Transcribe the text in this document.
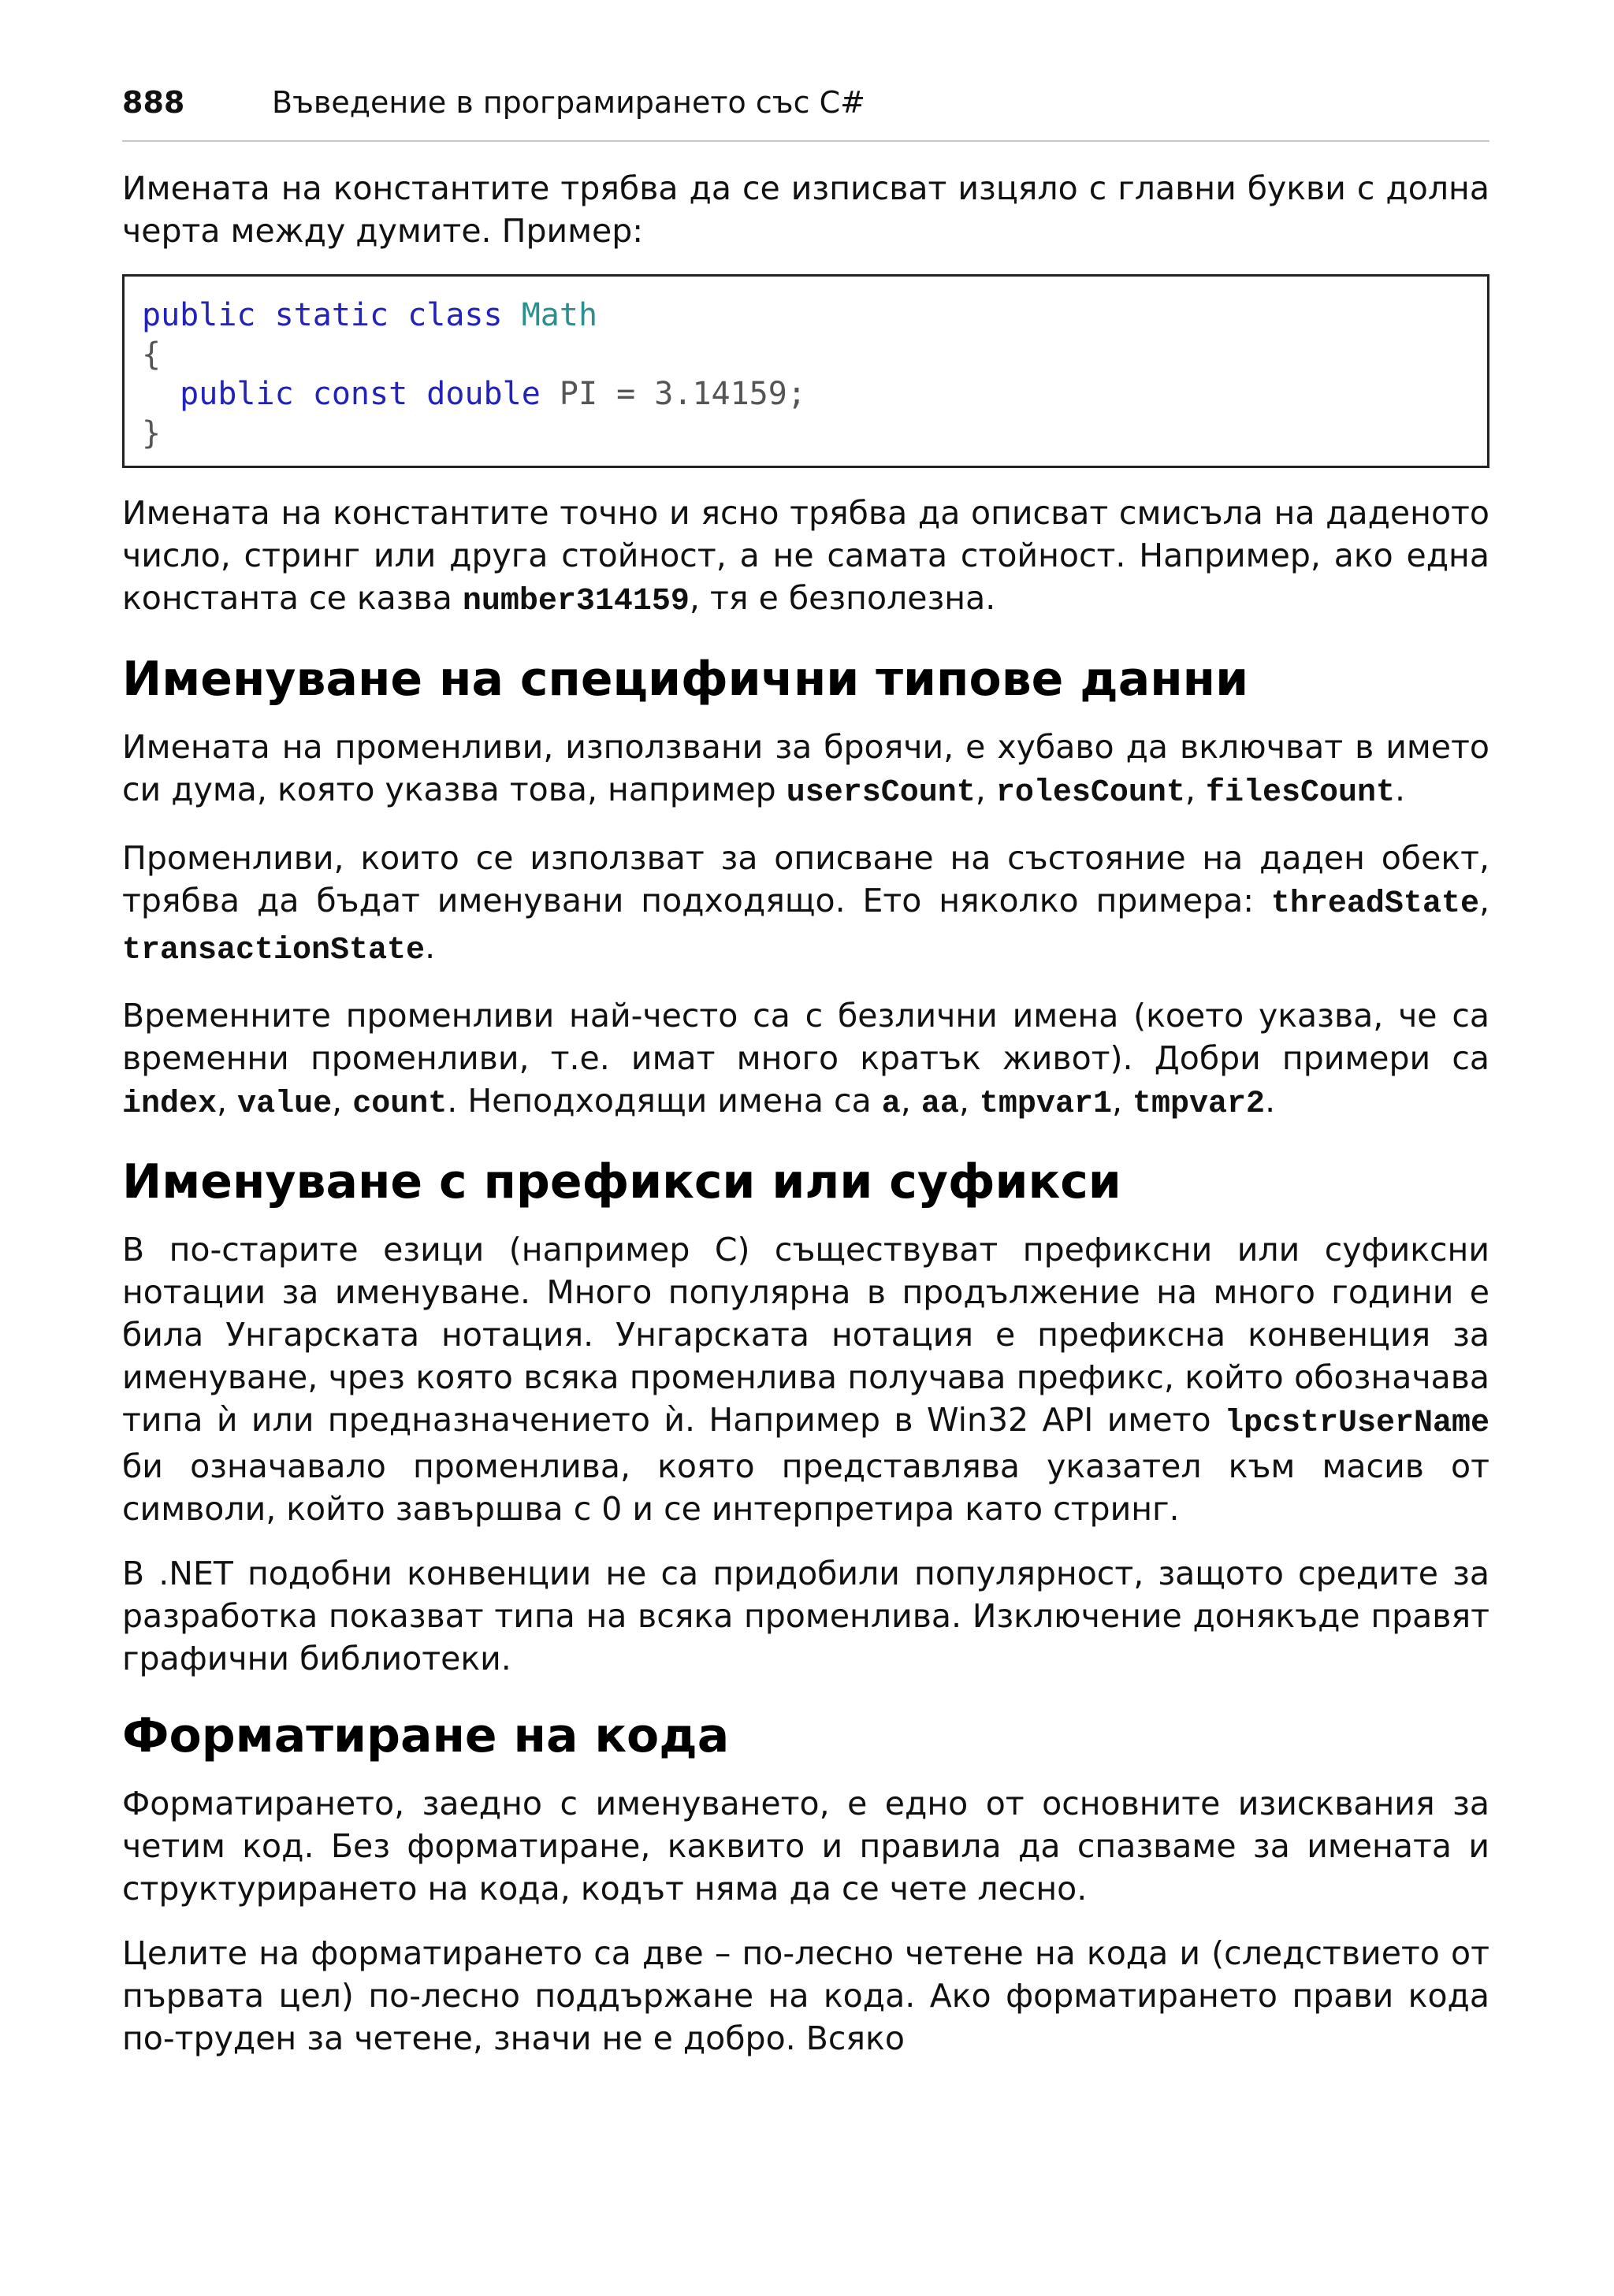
888	Въведение в програмирането със C#

Имената на константите трябва да се изписват изцяло с главни букви с долна черта между думите. Пример:

public static class Math
{
public const double PI = 3.14159;
}

Имената на константите точно и ясно трябва да описват смисъла на даденото число, стринг или друга стойност, а не самата стойност. Например, ако една константа се казва number314159, тя е безполезна.

Именуване на специфични типове данни

Имената на променливи, използвани за броячи, е хубаво да включват в името си дума, която указва това, например usersCount, rolesCount, filesCount.

Променливи, които се използват за описване на състояние на даден обект, трябва да бъдат именувани подходящо. Ето няколко примера: threadState, transactionState.

Временните променливи най-често са с безлични имена (което указва, че са временни променливи, т.е. имат много кратък живот). Добри примери са index, value, count. Неподходящи имена са a, aa, tmpvar1, tmpvar2.

Именуване с префикси или суфикси

В по-старите езици (например C) съществуват префиксни или суфиксни нотации за именуване. Много популярна в продължение на много години е била Унгарската нотация. Унгарската нотация е префиксна конвенция за именуване, чрез която всяка променлива получава префикс, който обозначава типа ѝ или предназначението ѝ. Например в Win32 API името lpcstrUserName би означавало променлива, която представлява указател към масив от символи, който завършва с 0 и се интерпретира като стринг.

В .NET подобни конвенции не са придобили популярност, защото средите за разработка показват типа на всяка променлива. Изключение донякъде правят графични библиотеки.

Форматиране на кода

Форматирането, заедно с именуването, е едно от основните изисквания за четим код. Без форматиране, каквито и правила да спазваме за имената и структурирането на кода, кодът няма да се чете лесно.

Целите на форматирането са две – по-лесно четене на кода и (следствието от първата цел) по-лесно поддържане на кода. Ако форматирането прави кода по-труден за четене, значи не е добро. Всяко
